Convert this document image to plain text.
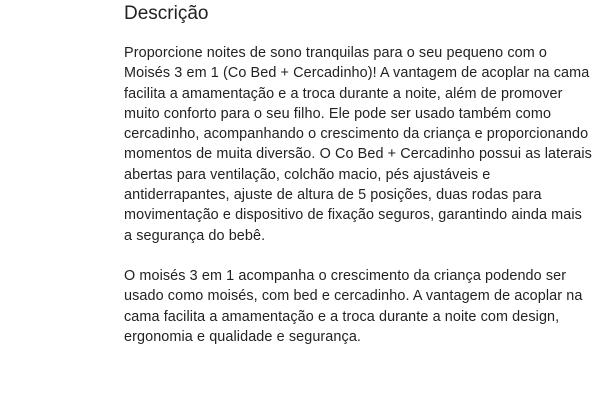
Descrição

Proporcione noites de sono tranquilas para o seu pequeno com o Moisés 3 em 1 (Co Bed + Cercadinho)! A vantagem de acoplar na cama facilita a amamentação e a troca durante a noite, além de promover muito conforto para o seu filho. Ele pode ser usado também como cercadinho, acompanhando o crescimento da criança e proporcionando momentos de muita diversão. O Co Bed + Cercadinho possui as laterais abertas para ventilação, colchão macio, pés ajustáveis e antiderrapantes, ajuste de altura de 5 posições, duas rodas para movimentação e dispositivo de fixação seguros, garantindo ainda mais a segurança do bebê.

O moisés 3 em 1 acompanha o crescimento da criança podendo ser usado como moisés, com bed e cercadinho. A vantagem de acoplar na cama facilita a amamentação e a troca durante a noite com design, ergonomia e qualidade e segurança.
